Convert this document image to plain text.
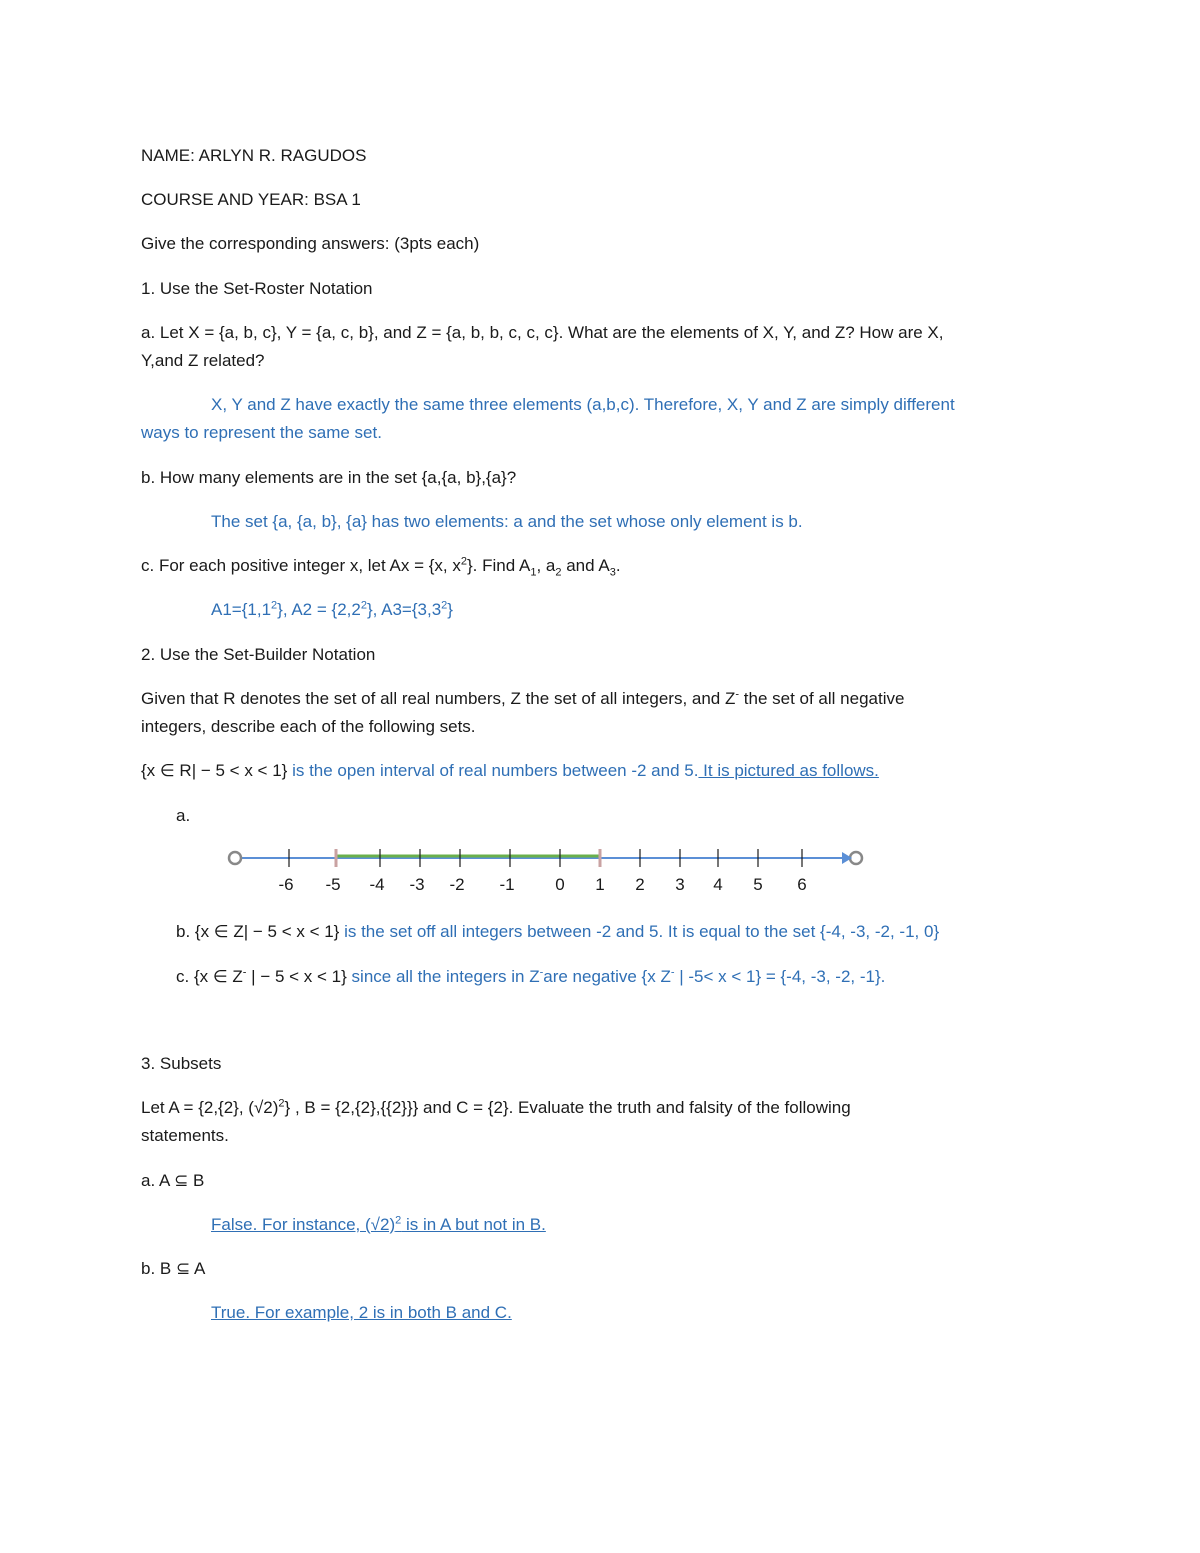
NAME: ARLYN R. RAGUDOS
COURSE AND YEAR: BSA 1
Give the corresponding answers: (3pts each)
1. Use the Set-Roster Notation
a. Let X = {a, b, c}, Y = {a, c, b}, and Z = {a, b, b, c, c, c}. What are the elements of X, Y, and Z? How are X,
Y,and Z related?
X, Y and Z have exactly the same three elements (a,b,c). Therefore, X, Y and Z are simply different
ways to represent the same set.
b. How many elements are in the set {a,{a, b},{a}?
The set {a, {a, b}, {a} has two elements: a and the set whose only element is b.
c. For each positive integer x, let Ax = {x, $x^2$}. Find $A_1$, $a_2$ and $A_3$.
$A1=\{1,1^2\}$, $A2 = \{2,2^2\}$, $A3=\{3,3^2\}$
2. Use the Set-Builder Notation
Given that R denotes the set of all real numbers, Z the set of all integers, and Z- the set of all negative
integers, describe each of the following sets.
{x ∈ R| − 5 < x < 1} is the open interval of real numbers between -2 and 5. It is pictured as follows.
a.
-6 -5 -4 -3 -2 -1 0 1 2 3 4 5 6
b. {x ∈ Z| − 5 < x < 1} is the set off all integers between -2 and 5. It is equal to the set {-4, -3, -2, -1, 0}
c. {x ∈ Z- | − 5 < x < 1} since all the integers in Z-are negative {x Z- | -5< x < 1} = {-4, -3, -2, -1}.
3. Subsets
Let A = {2,{2}, $(√2)^2$} , B = {2,{2},{{2}}} and C = {2}. Evaluate the truth and falsity of the following
statements.
a. A ⊆ B
False. For instance, $(√2)^2$ is in A but not in B.
b. B ⊆ A
True. For example, 2 is in both B and C.
